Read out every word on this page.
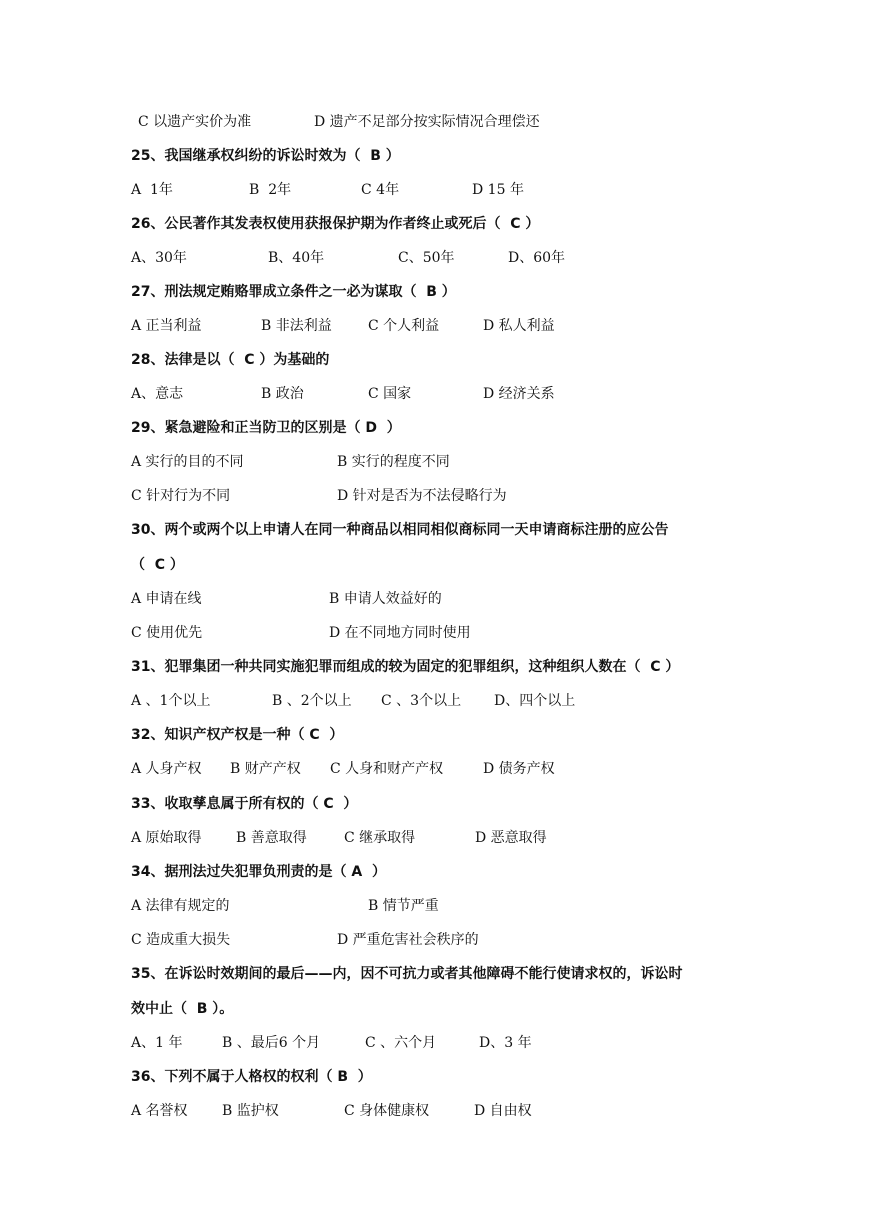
C 以遗产实价为准	D 遗产不足部分按实际情况合理偿还
25、我国继承权纠纷的诉讼时效为（  B ）
A  1年	B  2年	C 4年	D 15 年
26、公民著作其发表权使用获报保护期为作者终止或死后（  C ）
A、30年	B、40年	C、50年	D、60年
27、刑法规定贿赂罪成立条件之一必为谋取（  B ）
A 正当利益	B 非法利益	C 个人利益	D 私人利益
28、法律是以（  C ）为基础的
A、意志	B 政治	C 国家	D 经济关系
29、紧急避险和正当防卫的区别是（ D  ）
A 实行的目的不同	B 实行的程度不同
C 针对行为不同	D 针对是否为不法侵略行为
30、两个或两个以上申请人在同一种商品以相同相似商标同一天申请商标注册的应公告
（  C ）
A 申请在线	B 申请人效益好的
C 使用优先	D 在不同地方同时使用
31、犯罪集团一种共同实施犯罪而组成的较为固定的犯罪组织，这种组织人数在（  C ）
A 、1个以上	B 、2个以上 C 、3个以上 D、四个以上
32、知识产权产权是一种（ C  ）
A 人身产权 B 财产产权 C 人身和财产产权	D 债务产权
33、收取孳息属于所有权的（ C  ）
A 原始取得 B 善意取得	C 继承取得	D 恶意取得
34、据刑法过失犯罪负刑责的是（ A  ）
A 法律有规定的	B 情节严重
C 造成重大损失	D 严重危害社会秩序的
35、在诉讼时效期间的最后——内，因不可抗力或者其他障碍不能行使请求权的，诉讼时
效中止（  B ）。
A、1 年	B 、最后6 个月	C 、六个月	D、3 年
36、下列不属于人格权的权利（ B  ）
A 名誉权 B 监护权	C 身体健康权	D 自由权
